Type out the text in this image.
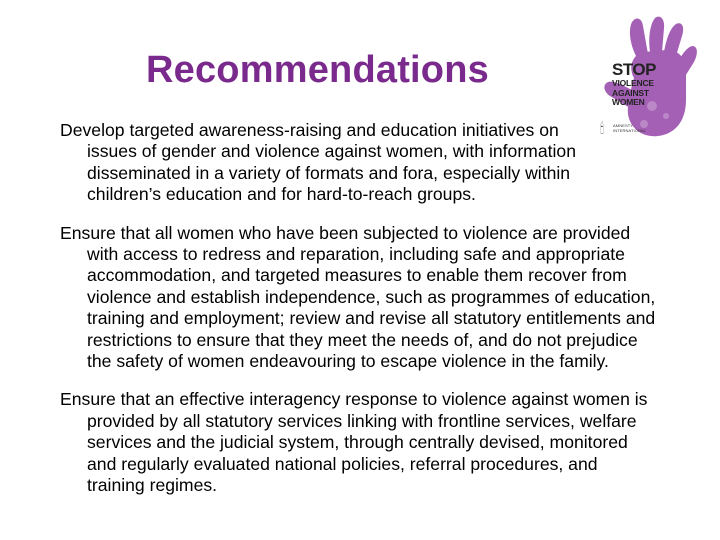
Recommendations	STOP
VIOLENCE
AGAINST
WOMEN
🕯 AMNESTY
INTERNATIONAL

Develop targeted awareness-raising and education initiatives on issues of gender and violence against women, with information disseminated in a variety of formats and fora, especially within children’s education and for hard-to-reach groups.

Ensure that all women who have been subjected to violence are provided with access to redress and reparation, including safe and appropriate accommodation, and targeted measures to enable them recover from violence and establish independence, such as programmes of education, training and employment; review and revise all statutory entitlements and restrictions to ensure that they meet the needs of, and do not prejudice the safety of women endeavouring to escape violence in the family.

Ensure that an effective interagency response to violence against women is provided by all statutory services linking with frontline services, welfare services and the judicial system, through centrally devised, monitored and regularly evaluated national policies, referral procedures, and training regimes.
